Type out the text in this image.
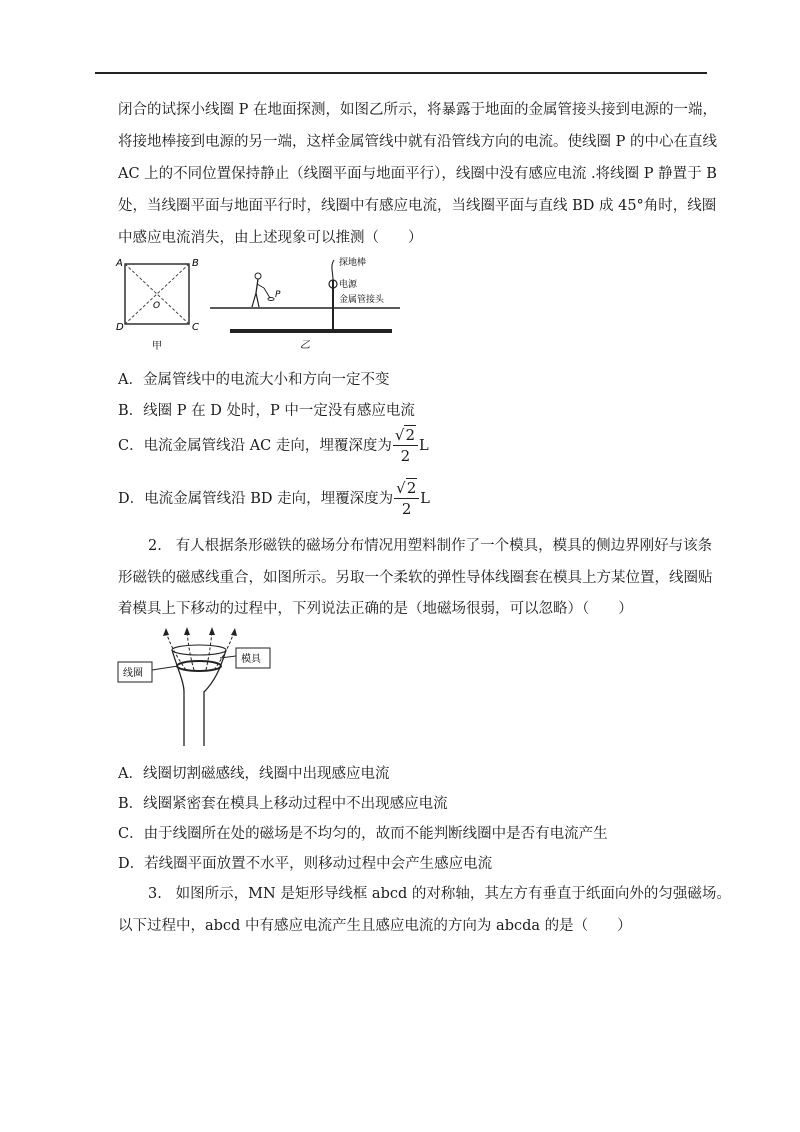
闭合的试探小线圈 P 在地面探测，如图乙所示，将暴露于地面的金属管接头接到电源的一端，
将接地棒接到电源的另一端，这样金属管线中就有沿管线方向的电流。使线圈 P 的中心在直线
AC 上的不同位置保持静止（线圈平面与地面平行），线圈中没有感应电流 .将线圈 P 静置于 B
处，当线圈平面与地面平行时，线圈中有感应电流，当线圈平面与直线 BD 成 45°角时，线圈
中感应电流消失，由上述现象可以推测（　　）
A	B
D	C
O
甲
P
探地棒
电源
金属管接头
乙

A．金属管线中的电流大小和方向一定不变

B．线圈 P 在 D 处时，P 中一定没有感应电流

C．电流金属管线沿 AC 走向，埋覆深度为 $\frac{√2}{2}$ L

D．电流金属管线沿 BD 走向，埋覆深度为 $\frac{√2}{2}$ L

2. 有人根据条形磁铁的磁场分布情况用塑料制作了一个模具，模具的侧边界刚好与该条

形磁铁的磁感线重合，如图所示。另取一个柔软的弹性导体线圈套在模具上方某位置，线圈贴

着模具上下移动的过程中，下列说法正确的是（地磁场很弱，可以忽略）（　　）

线圈
模具

A．线圈切割磁感线，线圈中出现感应电流

B．线圈紧密套在模具上移动过程中不出现感应电流

C．由于线圈所在处的磁场是不均匀的，故而不能判断线圈中是否有电流产生

D．若线圈平面放置不水平，则移动过程中会产生感应电流

3. 如图所示，MN 是矩形导线框 abcd 的对称轴，其左方有垂直于纸面向外的匀强磁场。

以下过程中，abcd 中有感应电流产生且感应电流的方向为 abcda 的是（　　）
